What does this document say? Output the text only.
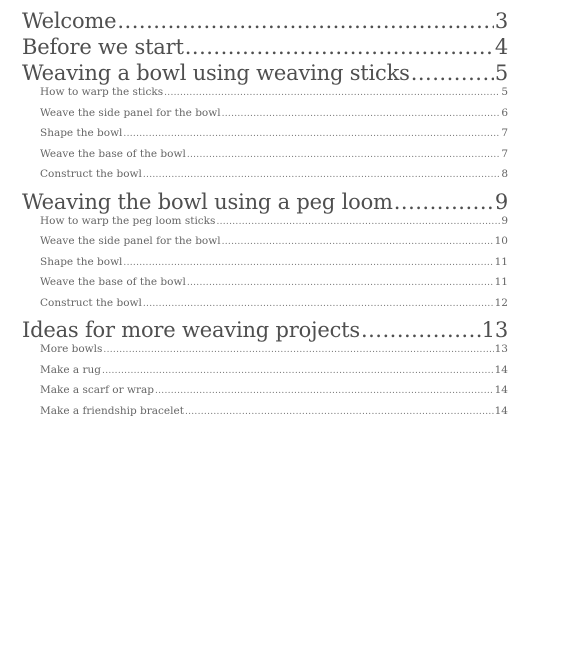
Welcome .....	3
Before we start .....	4
Weaving a bowl using weaving sticks .....	5
How to warp the sticks .....	5
Weave the side panel for the bowl .....	6
Shape the bowl .....	7
Weave the base of the bowl .....	7
Construct the bowl .....	8
Weaving the bowl using a peg loom .....	9
How to warp the peg loom sticks .....	9
Weave the side panel for the bowl .....	10
Shape the bowl .....	11
Weave the base of the bowl .....	11
Construct the bowl .....	12
Ideas for more weaving projects .....	13
More bowls .....	13
Make a rug .....	14
Make a scarf or wrap .....	14
Make a friendship bracelet .....	14
